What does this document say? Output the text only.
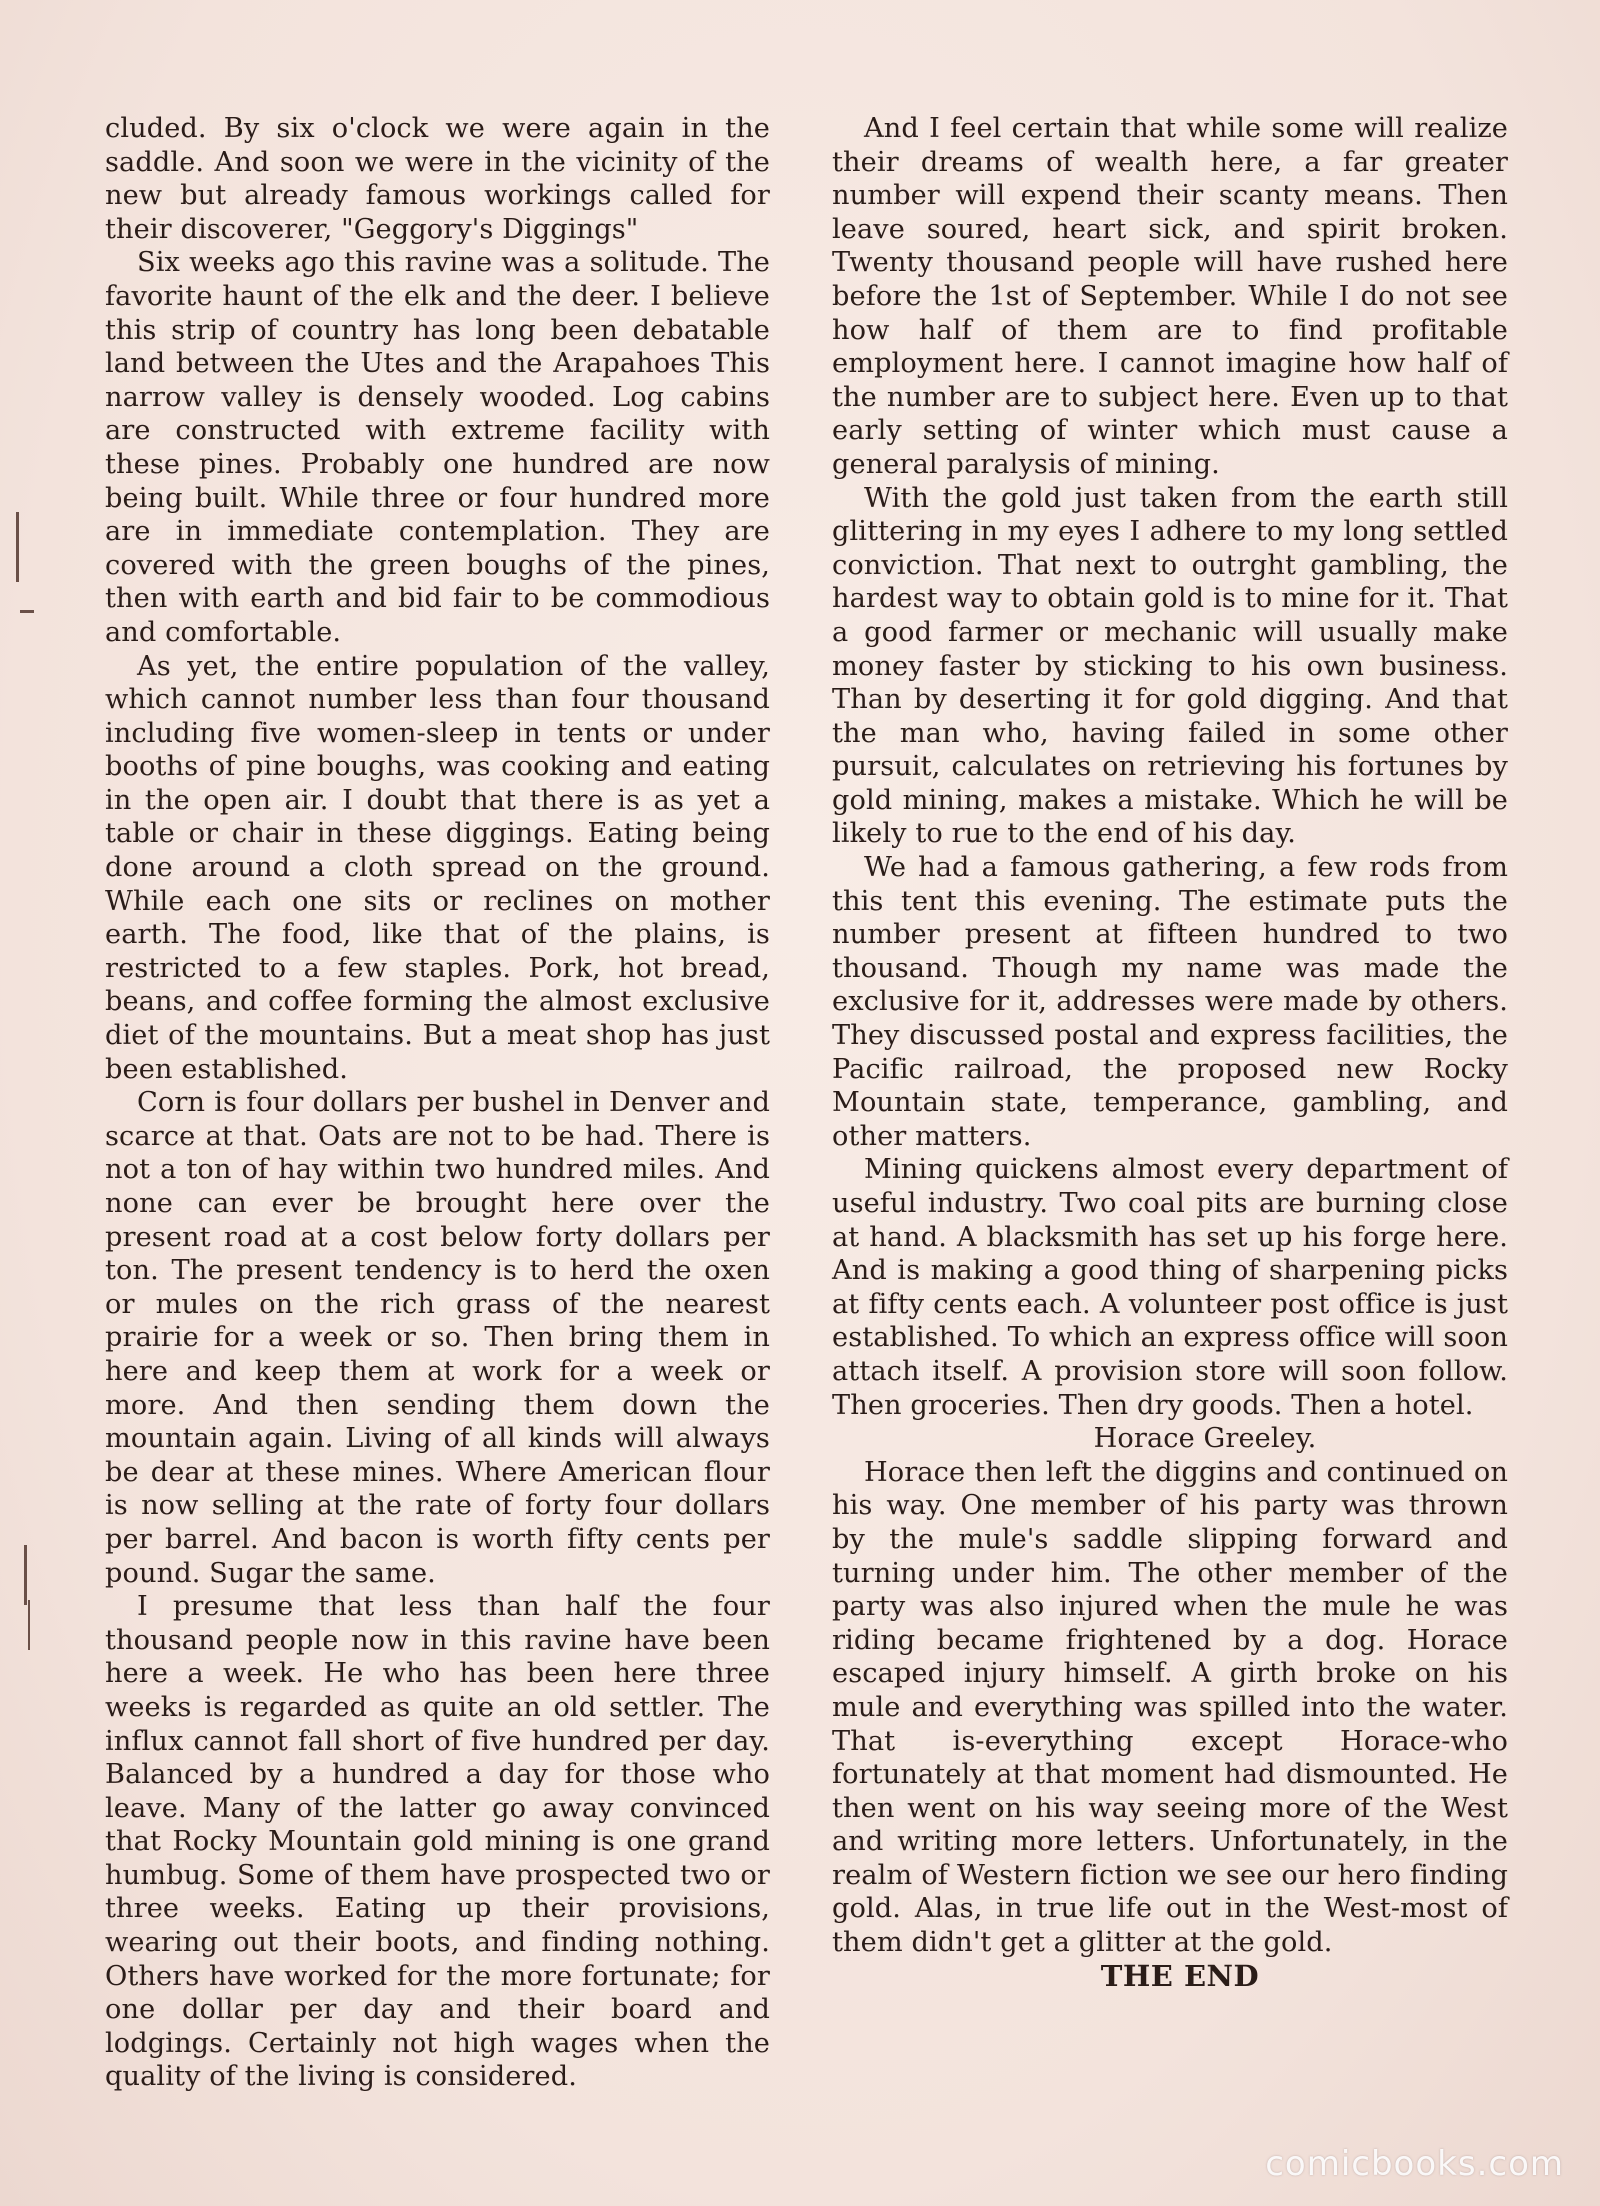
cluded. By six o'clock we were again in the saddle. And soon we were in the vicinity of the new but already famous workings called for their discoverer, "Geggory's Diggings"

Six weeks ago this ravine was a solitude. The favorite haunt of the elk and the deer. I believe this strip of country has long been debatable land between the Utes and the Arapahoes This narrow valley is densely wooded. Log cabins are constructed with extreme facility with these pines. Probably one hundred are now being built. While three or four hundred more are in immediate contemplation. They are covered with the green boughs of the pines, then with earth and bid fair to be commodious and comfortable.

As yet, the entire population of the valley, which cannot number less than four thousand including five women-sleep in tents or under booths of pine boughs, was cooking and eating in the open air. I doubt that there is as yet a table or chair in these diggings. Eating being done around a cloth spread on the ground. While each one sits or reclines on mother earth. The food, like that of the plains, is restricted to a few staples. Pork, hot bread, beans, and coffee forming the almost exclusive diet of the mountains. But a meat shop has just been established.

Corn is four dollars per bushel in Denver and scarce at that. Oats are not to be had. There is not a ton of hay within two hundred miles. And none can ever be brought here over the present road at a cost below forty dollars per ton. The present tendency is to herd the oxen or mules on the rich grass of the nearest prairie for a week or so. Then bring them in here and keep them at work for a week or more. And then sending them down the mountain again. Living of all kinds will always be dear at these mines. Where American flour is now selling at the rate of forty four dollars per barrel. And bacon is worth fifty cents per pound. Sugar the same.

I presume that less than half the four thousand people now in this ravine have been here a week. He who has been here three weeks is regarded as quite an old settler. The influx cannot fall short of five hundred per day. Balanced by a hundred a day for those who leave. Many of the latter go away convinced that Rocky Mountain gold mining is one grand humbug. Some of them have prospected two or three weeks. Eating up their provisions, wearing out their boots, and finding nothing. Others have worked for the more fortunate; for one dollar per day and their board and lodgings. Certainly not high wages when the quality of the living is considered.

And I feel certain that while some will realize their dreams of wealth here, a far greater number will expend their scanty means. Then leave soured, heart sick, and spirit broken. Twenty thousand people will have rushed here before the 1st of September. While I do not see how half of them are to find profitable employment here. I cannot imagine how half of the number are to subject here. Even up to that early setting of winter which must cause a general paralysis of mining.

With the gold just taken from the earth still glittering in my eyes I adhere to my long settled conviction. That next to outrght gambling, the hardest way to obtain gold is to mine for it. That a good farmer or mechanic will usually make money faster by sticking to his own business. Than by deserting it for gold digging. And that the man who, having failed in some other pursuit, calculates on retrieving his fortunes by gold mining, makes a mistake. Which he will be likely to rue to the end of his day.

We had a famous gathering, a few rods from this tent this evening. The estimate puts the number present at fifteen hundred to two thousand. Though my name was made the exclusive for it, addresses were made by others. They discussed postal and express facilities, the Pacific railroad, the proposed new Rocky Mountain state, temperance, gambling, and other matters.

Mining quickens almost every department of useful industry. Two coal pits are burning close at hand. A blacksmith has set up his forge here. And is making a good thing of sharpening picks at fifty cents each. A volunteer post office is just established. To which an express office will soon attach itself. A provision store will soon follow. Then groceries. Then dry goods. Then a hotel.

Horace Greeley.

Horace then left the diggins and continued on his way. One member of his party was thrown by the mule's saddle slipping forward and turning under him. The other member of the party was also injured when the mule he was riding became frightened by a dog. Horace escaped injury himself. A girth broke on his mule and everything was spilled into the water. That is-everything except Horace-who fortunately at that moment had dismounted. He then went on his way seeing more of the West and writing more letters. Unfortunately, in the realm of Western fiction we see our hero finding gold. Alas, in true life out in the West-most of them didn't get a glitter at the gold.

THE END

comicbooks.com
